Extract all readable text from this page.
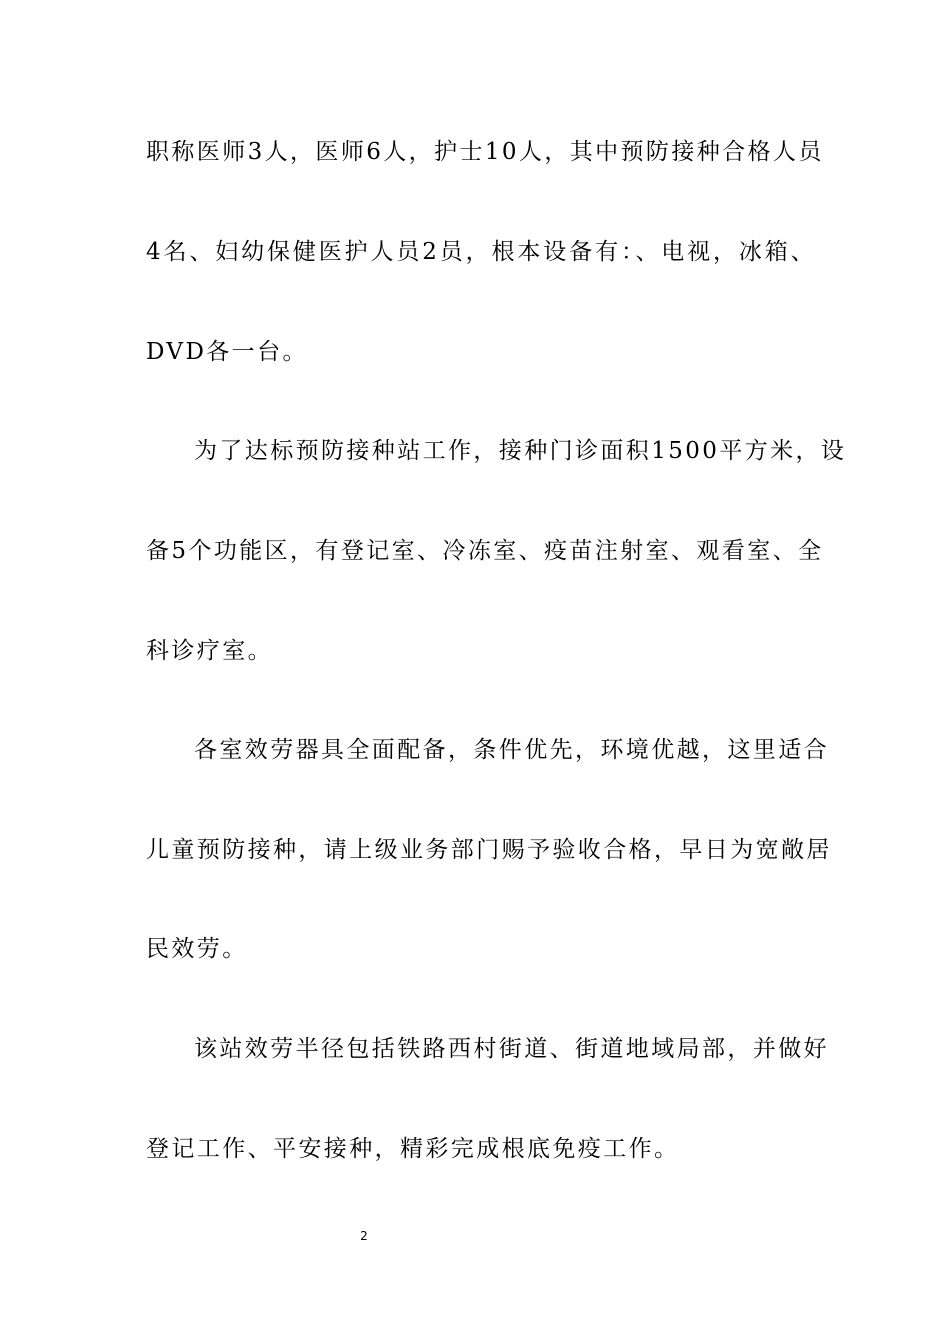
职称医师3人，医师6人，护士10人，其中预防接种合格人员
4名、妇幼保健医护人员2员，根本设备有：、电视，冰箱、
DVD各一台。
为了达标预防接种站工作，接种门诊面积1500平方米，设
备5个功能区，有登记室、冷冻室、疫苗注射室、观看室、全
科诊疗室。
各室效劳器具全面配备，条件优先，环境优越，这里适合
儿童预防接种，请上级业务部门赐予验收合格，早日为宽敞居
民效劳。
该站效劳半径包括铁路西村街道、街道地域局部，并做好
登记工作、平安接种，精彩完成根底免疫工作。
2
